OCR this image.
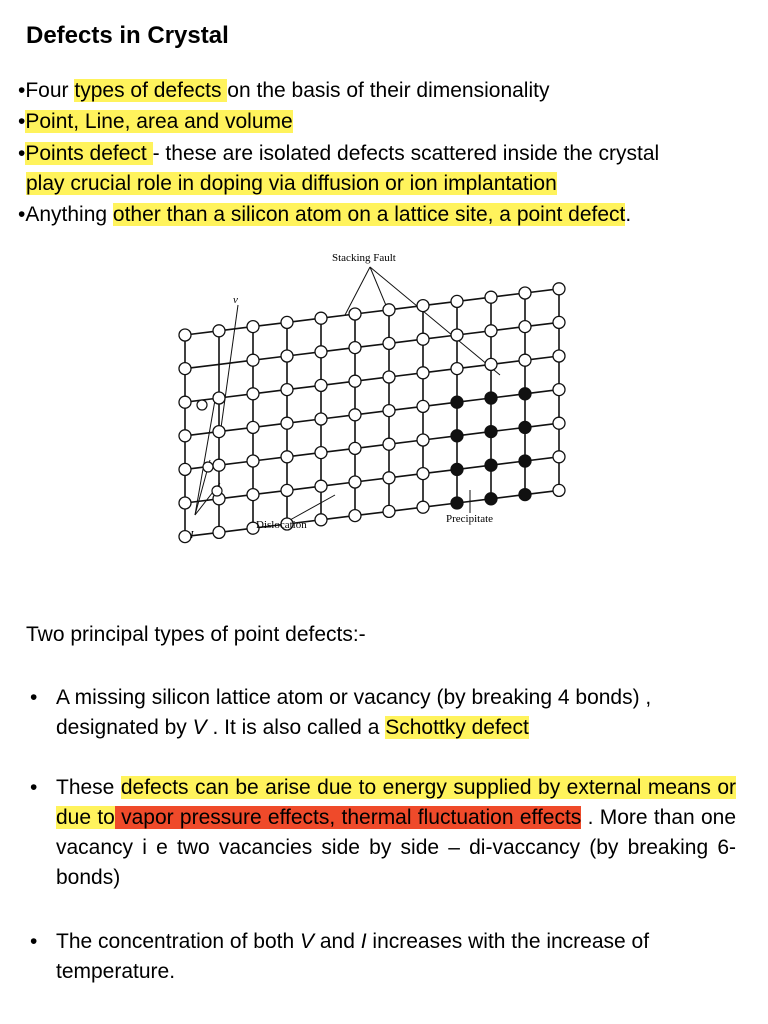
Defects in Crystal
•Four types of defects on the basis of their dimensionality
•Point, Line, area and volume
•Points defect - these are isolated defects scattered inside the crystal
play crucial role in doping via diffusion or ion implantation
•Anything other than a silicon atom on a lattice site, a point defect.
Stacking Fault
v
I
Dislocation	Precipitate
Two principal types of point defects:-
• A missing silicon lattice atom or vacancy (by breaking 4 bonds) ,
designated by V . It is also called a Schottky defect
• These defects can be arise due to energy supplied by external means or due to vapor pressure effects, thermal fluctuation effects . More than one vacancy i e two vacancies side by side – di-vaccancy (by breaking 6-bonds)
• The concentration of both V and I increases with the increase of temperature.
